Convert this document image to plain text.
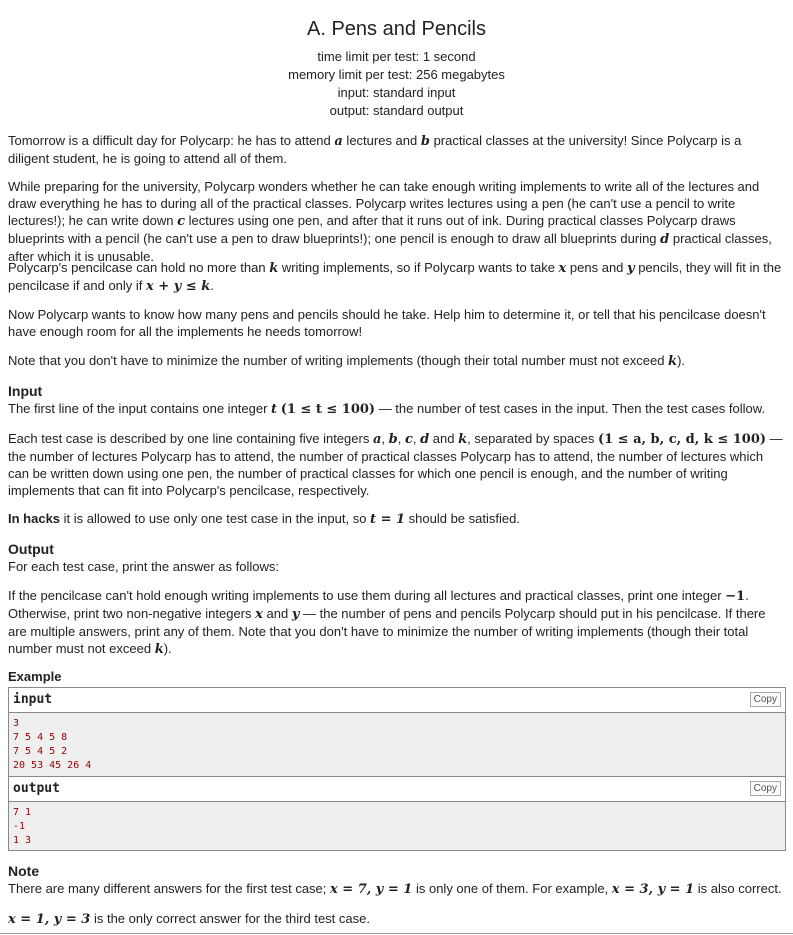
A. Pens and Pencils
time limit per test: 1 second
memory limit per test: 256 megabytes
input: standard input
output: standard output

Tomorrow is a difficult day for Polycarp: he has to attend a lectures and b practical classes at the university! Since Polycarp is a diligent student, he is going to attend all of them.

While preparing for the university, Polycarp wonders whether he can take enough writing implements to write all of the lectures and draw everything he has to during all of the practical classes. Polycarp writes lectures using a pen (he can't use a pencil to write lectures!); he can write down c lectures using one pen, and after that it runs out of ink. During practical classes Polycarp draws blueprints with a pencil (he can't use a pen to draw blueprints!); one pencil is enough to draw all blueprints during d practical classes, after which it is unusable.

Polycarp's pencilcase can hold no more than k writing implements, so if Polycarp wants to take x pens and y pencils, they will fit in the pencilcase if and only if x + y ≤ k.

Now Polycarp wants to know how many pens and pencils should he take. Help him to determine it, or tell that his pencilcase doesn't have enough room for all the implements he needs tomorrow!

Note that you don't have to minimize the number of writing implements (though their total number must not exceed k).

Input

The first line of the input contains one integer t (1 ≤ t ≤ 100) — the number of test cases in the input. Then the test cases follow.

Each test case is described by one line containing five integers a, b, c, d and k, separated by spaces (1 ≤ a, b, c, d, k ≤ 100) — the number of lectures Polycarp has to attend, the number of practical classes Polycarp has to attend, the number of lectures which can be written down using one pen, the number of practical classes for which one pencil is enough, and the number of writing implements that can fit into Polycarp's pencilcase, respectively.

In hacks it is allowed to use only one test case in the input, so t = 1 should be satisfied.

Output

For each test case, print the answer as follows:

If the pencilcase can't hold enough writing implements to use them during all lectures and practical classes, print one integer −1. Otherwise, print two non-negative integers x and y — the number of pens and pencils Polycarp should put in his pencilcase. If there are multiple answers, print any of them. Note that you don't have to minimize the number of writing implements (though their total number must not exceed k).

Example
input	Copy
3
7 5 4 5 8
7 5 4 5 2
20 53 45 26 4
output	Copy
7 1
-1
1 3
Note

There are many different answers for the first test case; x = 7, y = 1 is only one of them. For example, x = 3, y = 1 is also correct.

x = 1, y = 3 is the only correct answer for the third test case.
